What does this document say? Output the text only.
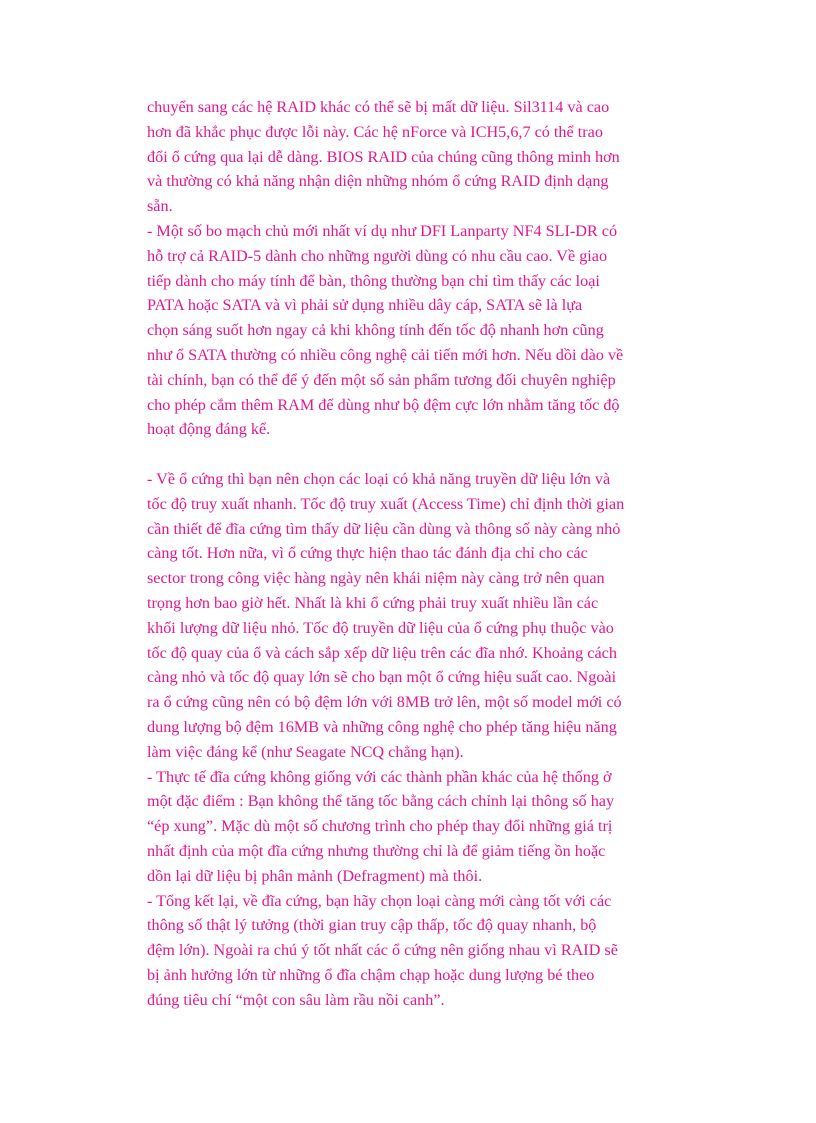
chuyển sang các hệ RAID khác có thể sẽ bị mất dữ liệu. Sil3114 và cao
hơn đã khắc phục được lỗi này. Các hệ nForce và ICH5,6,7 có thể trao
đổi ổ cứng qua lại dễ dàng. BIOS RAID của chúng cũng thông minh hơn
và thường có khả năng nhận diện những nhóm ổ cứng RAID định dạng
sẵn.
- Một số bo mạch chủ mới nhất ví dụ như DFI Lanparty NF4 SLI-DR có
hỗ trợ cả RAID-5 dành cho những người dùng có nhu cầu cao. Về giao
tiếp dành cho máy tính để bàn, thông thường bạn chỉ tìm thấy các loại
PATA hoặc SATA và vì phải sử dụng nhiều dây cáp, SATA sẽ là lựa
chọn sáng suốt hơn ngay cả khi không tính đến tốc độ nhanh hơn cũng
như ổ SATA thường có nhiều công nghệ cải tiến mới hơn. Nếu dồi dào về
tài chính, bạn có thể để ý đến một số sản phẩm tương đối chuyên nghiệp
cho phép cắm thêm RAM để dùng như bộ đệm cực lớn nhằm tăng tốc độ
hoạt động đáng kể.
- Về ổ cứng thì bạn nên chọn các loại có khả năng truyền dữ liệu lớn và
tốc độ truy xuất nhanh. Tốc độ truy xuất (Access Time) chỉ định thời gian
cần thiết để đĩa cứng tìm thấy dữ liệu cần dùng và thông số này càng nhỏ
càng tốt. Hơn nữa, vì ổ cứng thực hiện thao tác đánh địa chỉ cho các
sector trong công việc hàng ngày nên khái niệm này càng trở nên quan
trọng hơn bao giờ hết. Nhất là khi ổ cứng phải truy xuất nhiều lần các
khối lượng dữ liệu nhỏ. Tốc độ truyền dữ liệu của ổ cứng phụ thuộc vào
tốc độ quay của ổ và cách sắp xếp dữ liệu trên các đĩa nhớ. Khoảng cách
càng nhỏ và tốc độ quay lớn sẽ cho bạn một ổ cứng hiệu suất cao. Ngoài
ra ổ cứng cũng nên có bộ đệm lớn với 8MB trở lên, một số model mới có
dung lượng bộ đệm 16MB và những công nghệ cho phép tăng hiệu năng
làm việc đáng kể (như Seagate NCQ chẳng hạn).
- Thực tế đĩa cứng không giống với các thành phần khác của hệ thống ở
một đặc điểm : Bạn không thể tăng tốc bằng cách chỉnh lại thông số hay
“ép xung”. Mặc dù một số chương trình cho phép thay đổi những giá trị
nhất định của một đĩa cứng nhưng thường chỉ là để giảm tiếng ồn hoặc
dồn lại dữ liệu bị phân mảnh (Defragment) mà thôi.
- Tổng kết lại, về đĩa cứng, bạn hãy chọn loại càng mới càng tốt với các
thông số thật lý tưởng (thời gian truy cập thấp, tốc độ quay nhanh, bộ
đệm lớn). Ngoài ra chú ý tốt nhất các ổ cứng nên giống nhau vì RAID sẽ
bị ảnh hưởng lớn từ những ổ đĩa chậm chạp hoặc dung lượng bé theo
đúng tiêu chí “một con sâu làm rầu nồi canh”.
